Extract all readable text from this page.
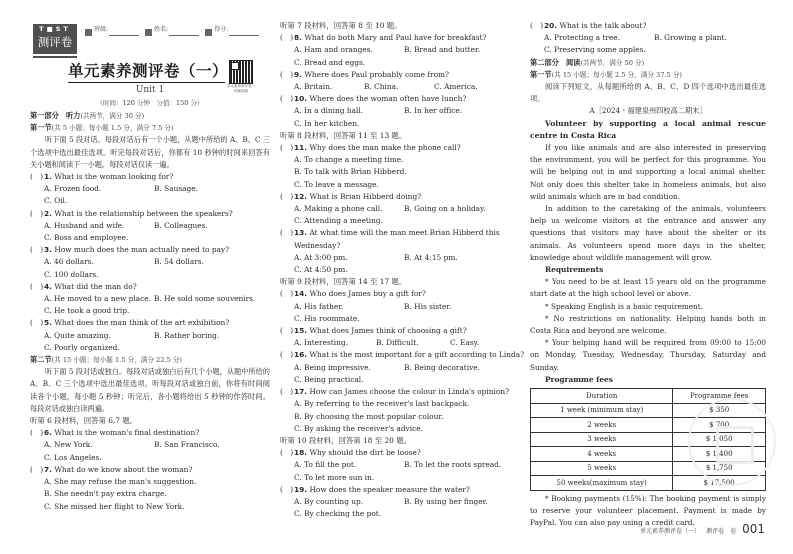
T■ST
测评卷
班级:	姓名:	得分:
单元素养测评卷（一）
单元素养测评卷一讲解视频
Unit 1
（时间：120 分钟　分值：150 分）
第一部分　听力(共两节，满分 30 分)
第一节(共 5 小题；每小题 1.5 分，满分 7.5 分)
听下面 5 段对话。每段对话后有一个小题，从题中所给的 A、B、C 三个选项中选出最佳选项。听完每段对话后，你都有 10 秒钟的时间来回答有关小题和阅读下一小题。每段对话仅读一遍。
(　)1. What is the woman looking for?
A. Frozen food.	B. Sausage.
C. Oil.
(　)2. What is the relationship between the speakers?
A. Husband and wife.	B. Colleagues.
C. Boss and employee.
(　)3. How much does the man actually need to pay?
A. 46 dollars.	B. 54 dollars.
C. 100 dollars.
(　)4. What did the man do?
A. He moved to a new place. B. He sold some souvenirs.
C. He took a good trip.
(　)5. What does the man think of the art exhibition?
A. Quite amazing.	B. Rather boring.
C. Poorly organized.
第二节(共 15 小题；每小题 1.5 分，满分 22.5 分)
听下面 5 段对话或独白。每段对话或独白后有几个小题，从题中所给的 A、B、C 三个选项中选出最佳选项。听每段对话或独白前，你将有时间阅读各个小题，每小题 5 秒钟；听完后，各小题将给出 5 秒钟的作答时间。每段对话或独白读两遍。
听第 6 段材料，回答第 6,7 题。
(　)6. What is the woman's final destination?
A. New York.	B. San Francisco.
C. Los Angeles.
(　)7. What do we know about the woman?
A. She may refuse the man's suggestion.
B. She needn't pay extra charge.
C. She missed her flight to New York.
听第 7 段材料，回答第 8 至 10 题。
(　)8. What do both Mary and Paul have for breakfast?
A. Ham and oranges.	B. Bread and butter.
C. Bread and eggs.
(　)9. Where does Paul probably come from?
A. Britain.	B. China.	C. America.
(　)10. Where does the woman often have lunch?
A. In a dining hall.	B. In her office.
C. In her kitchen.
听第 8 段材料，回答第 11 至 13 题。
(　)11. Why does the man make the phone call?
A. To change a meeting time.
B. To talk with Brian Hibberd.
C. To leave a message.
(　)12. What is Brian Hibberd doing?
A. Making a phone call.	B. Going on a holiday.
C. Attending a meeting.
(　)13. At what time will the man meet Brian Hibberd this
Wednesday?
A. At 3:00 pm.	B. At 4:15 pm.
C. At 4:50 pm.
听第 9 段材料，回答第 14 至 17 题。
(　)14. Who does James buy a gift for?
A. His father.	B. His sister.
C. His roommate.
(　)15. What does James think of choosing a gift?
A. Interesting.	B. Difficult.	C. Easy.
(　)16. What is the most important for a gift according to Linda?
A. Being impressive.	B. Being decorative.
C. Being practical.
(　)17. How can James choose the colour in Linda's opinion?
A. By referring to the receiver's last backpack.
B. By choosing the most popular colour.
C. By asking the receiver's advice.
听第 10 段材料，回答第 18 至 20 题。
(　)18. Why should the dirt be loose?
A. To fill the pot.	B. To let the roots spread.
C. To let more sun in.
(　)19. How does the speaker measure the water?
A. By counting up.	B. By using her finger.
C. By checking the pot.
(　)20. What is the talk about?
A. Protecting a tree.	B. Growing a plant.
C. Preserving some apples.
第二部分　阅读(共两节，满分 50 分)
第一节(共 15 小题；每小题 2.5 分，满分 37.5 分)
阅读下列短文，从每题所给的 A、B、C、D 四个选项中选出最佳选项。
A［2024・福建泉州四校高二期末］
Volunteer by supporting a local animal rescue centre in Costa Rica
If you like animals and are also interested in preserving the environment, you will be perfect for this programme. You will be helping out in and supporting a local animal shelter. Not only does this shelter take in homeless animals, but also wild animals which are in bad condition.
In addition to the caretaking of the animals, volunteers help us welcome visitors at the entrance and answer any questions that visitors may have about the shelter or its animals. As volunteers spend more days in the shelter, knowledge about wildlife management will grow.
Requirements
* You need to be at least 15 years old on the programme start date at the high school level or above.
* Speaking English is a basic requirement.
* No restrictions on nationality. Helping hands both in Costa Rica and beyond are welcome.
* Your helping hand will be required from 09:00 to 15:00 on Monday, Tuesday, Wednesday, Thursday, Saturday and Sunday.
Programme fees
Duration	Programme fees
1 week (minimum stay)	$ 350
2 weeks	$ 700
3 weeks	$ 1,050
4 weeks	$ 1,400
5 weeks	$ 1,750
50 weeks(maximum stay)	$ 17,500
* Booking payments (15%): The booking payment is simply to reserve your volunteer placement. Payment is made by PayPal. You can also pay using a credit card.
单元素养测评卷（一） 测评卷 卷 001
